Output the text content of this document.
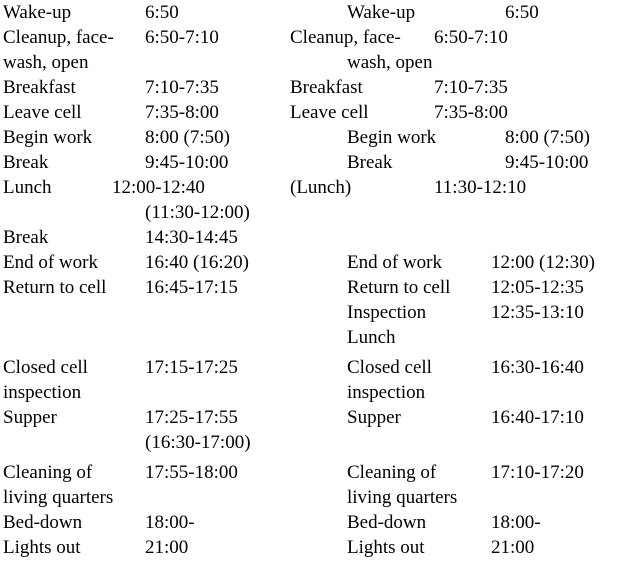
Wake-up	6:50
Cleanup, face- 6:50-7:10
wash, open
Breakfast	7:10-7:35
Leave cell	7:35-8:00
Begin work	8:00 (7:50)
Break	9:45-10:00
Lunch	12:00-12:40
(11:30-12:00)
Break	14:30-14:45
End of work 16:40 (16:20)
Return to cell 16:45-17:15
Closed cell	17:15-17:25
inspection
Supper	17:25-17:55
(16:30-17:00)
Cleaning of	17:55-18:00
living quarters
Bed-down	18:00-
Lights out	21:00
Wake-up	6:50
Cleanup, face- 6:50-7:10
wash, open
Breakfast	7:10-7:35
Leave cell	7:35-8:00
Begin work	8:00 (7:50)
Break	9:45-10:00
(Lunch)	11:30-12:10
End of work	12:00 (12:30)
Return to cell 12:05-12:35
Inspection	12:35-13:10
Lunch
Closed cell	16:30-16:40
inspection
Supper	16:40-17:10
Cleaning of	17:10-17:20
living quarters
Bed-down	18:00-
Lights out	21:00
